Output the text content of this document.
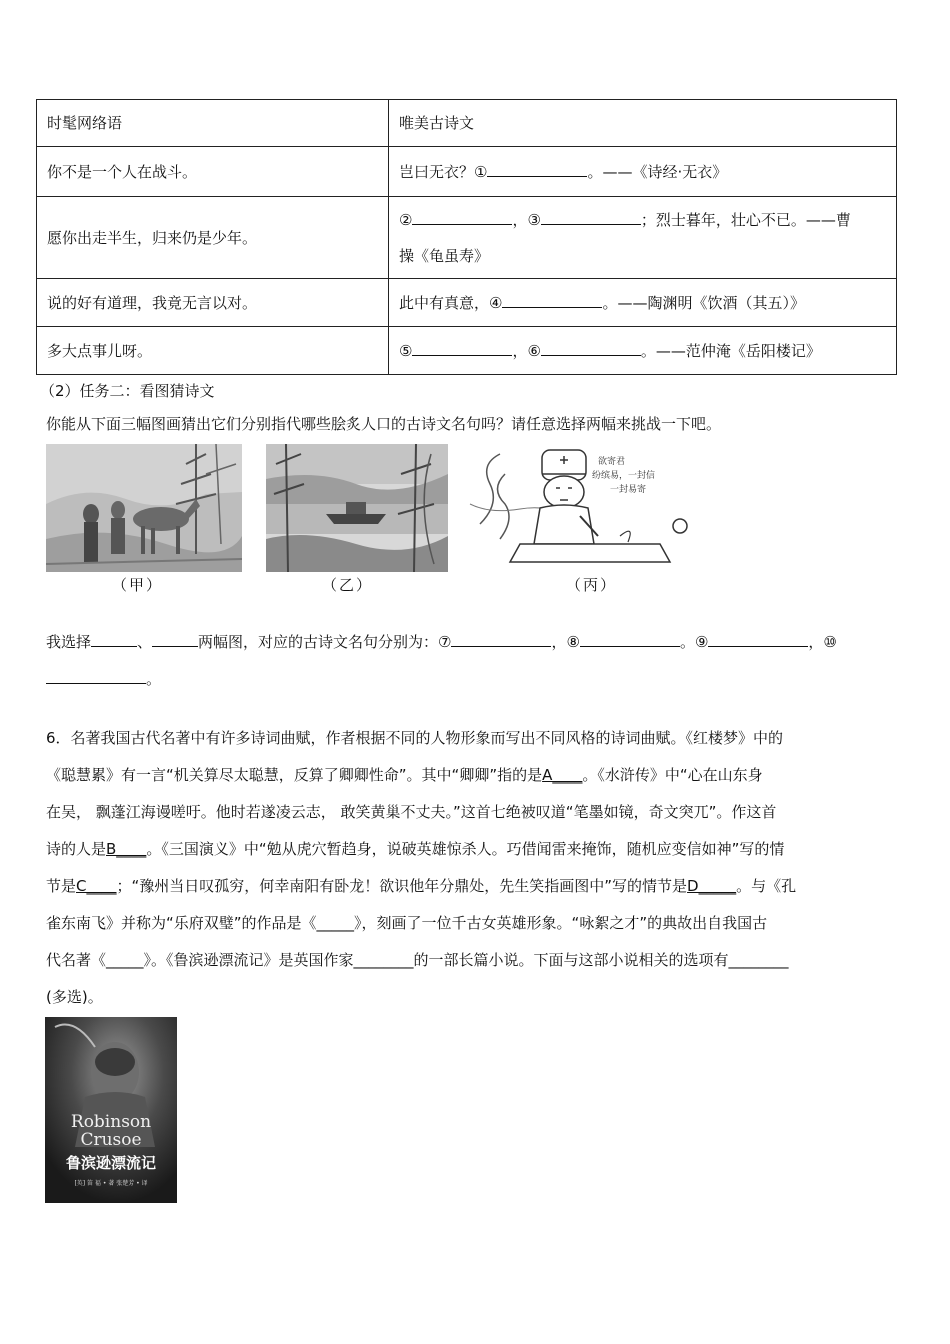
时髦网络语	唯美古诗文
你不是一个人在战斗。	岂曰无衣？① 。——《诗经·无衣》
愿你出走半生，归来仍是少年。	② ，③ ；烈士暮年，壮心不已。——曹
操《龟虽寿》
说的好有道理，我竟无言以对。	此中有真意，④ 。——陶渊明《饮酒（其五）》
多大点事儿呀。	⑤ ，⑥ 。——范仲淹《岳阳楼记》
（2）任务二：看图猜诗文
你能从下面三幅图画猜出它们分别指代哪些脍炙人口的古诗文名句吗？请任意选择两幅来挑战一下吧。
（甲）	（乙）
欲寄君
纷缤易，一封信
一封易寄
（丙）
我选择	、	两幅图，对应的古诗文名句分别为：⑦	，⑧	。⑨	，⑩
。
6．名著我国古代名著中有许多诗词曲赋，作者根据不同的人物形象而写出不同风格的诗词曲赋。《红楼梦》中的
《聪慧累》有一言“机关算尽太聪慧，反算了卿卿性命”。其中“卿卿”指的是A____。《水浒传》中“心在山东身
在吴， 飘蓬江海谩嗟吁。他时若遂凌云志， 敢笑黄巢不丈夫。”这首七绝被叹道“笔墨如镜，奇文突兀”。作这首
诗的人是B____。《三国演义》中“勉从虎穴暂趋身，说破英雄惊杀人。巧借闻雷来掩饰，随机应变信如神”写的情
节是C____；“豫州当日叹孤穷，何幸南阳有卧龙！欲识他年分鼎处，先生笑指画图中”写的情节是D_____。与《孔
雀东南飞》并称为“乐府双璧”的作品是《_____》，刻画了一位千古女英雄形象。“咏絮之才”的典故出自我国古
代名著《_____》。《鲁滨逊漂流记》是英国作家________的一部长篇小说。下面与这部小说相关的选项有________
(多选)。
Robinson
Crusoe
鲁滨逊漂流记
[英] 笛 福 • 著 张楚芳 • 译
